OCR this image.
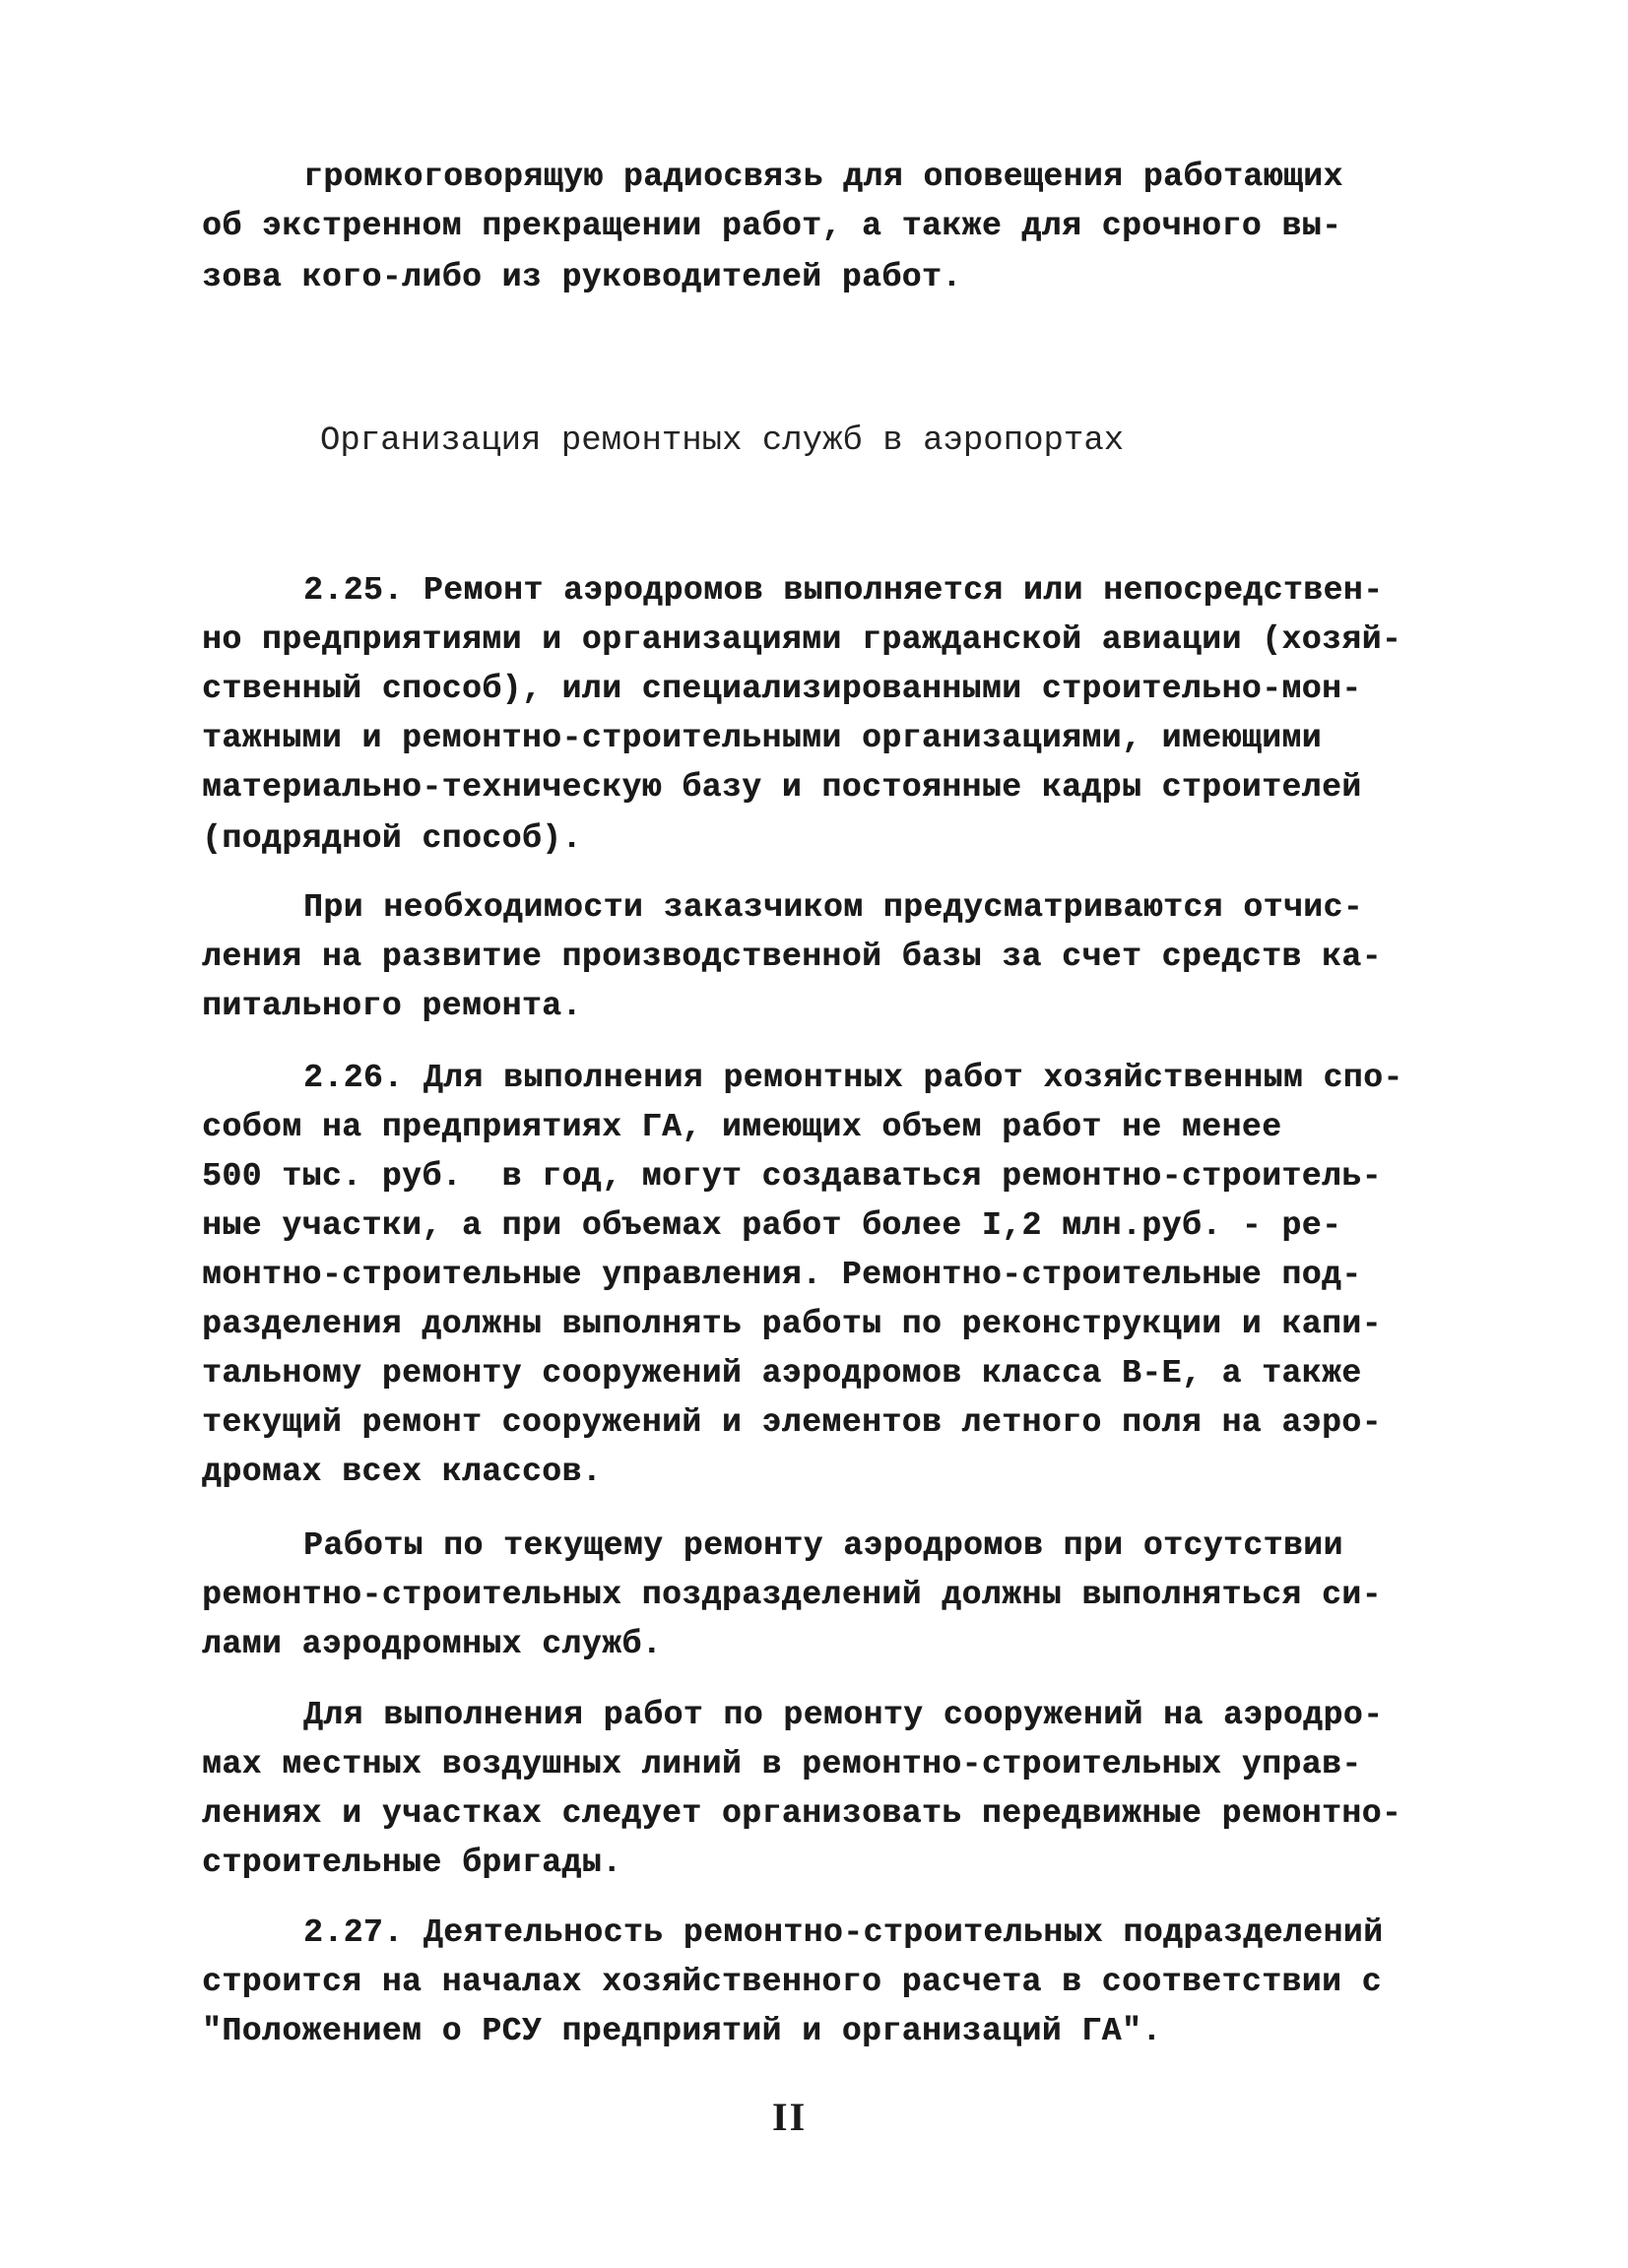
громкоговорящую радиосвязь для оповещения работающих
об экстренном прекращении работ, а также для срочного вы-
зова кого-либо из руководителей работ.
Организация ремонтных служб в аэропортах
2.25. Ремонт аэродромов выполняется или непосредствен-
но предприятиями и организациями гражданской авиации (хозяй-
ственный способ), или специализированными строительно-мон-
тажными и ремонтно-строительными организациями, имеющими
материально-техническую базу и постоянные кадры строителей
(подрядной способ).
При необходимости заказчиком предусматриваются отчис-
ления на развитие производственной базы за счет средств ка-
питального ремонта.
2.26. Для выполнения ремонтных работ хозяйственным спо-
собом на предприятиях ГА, имеющих объем работ не менее
500 тыс. руб.  в год, могут создаваться ремонтно-строитель-
ные участки, а при объемах работ более I,2 млн.руб. - ре-
монтно-строительные управления. Ремонтно-строительные под-
разделения должны выполнять работы по реконструкции и капи-
тальному ремонту сооружений аэродромов класса В-Е, а также
текущий ремонт сооружений и элементов летного поля на аэро-
дромах всех классов.
Работы по текущему ремонту аэродромов при отсутствии
ремонтно-строительных поздразделений должны выполняться си-
лами аэродромных служб.
Для выполнения работ по ремонту сооружений на аэродро-
мах местных воздушных линий в ремонтно-строительных управ-
лениях и участках следует организовать передвижные ремонтно-
строительные бригады.
2.27. Деятельность ремонтно-строительных подразделений
строится на началах хозяйственного расчета в соответствии с
"Положением о РСУ предприятий и организаций ГА".
II
